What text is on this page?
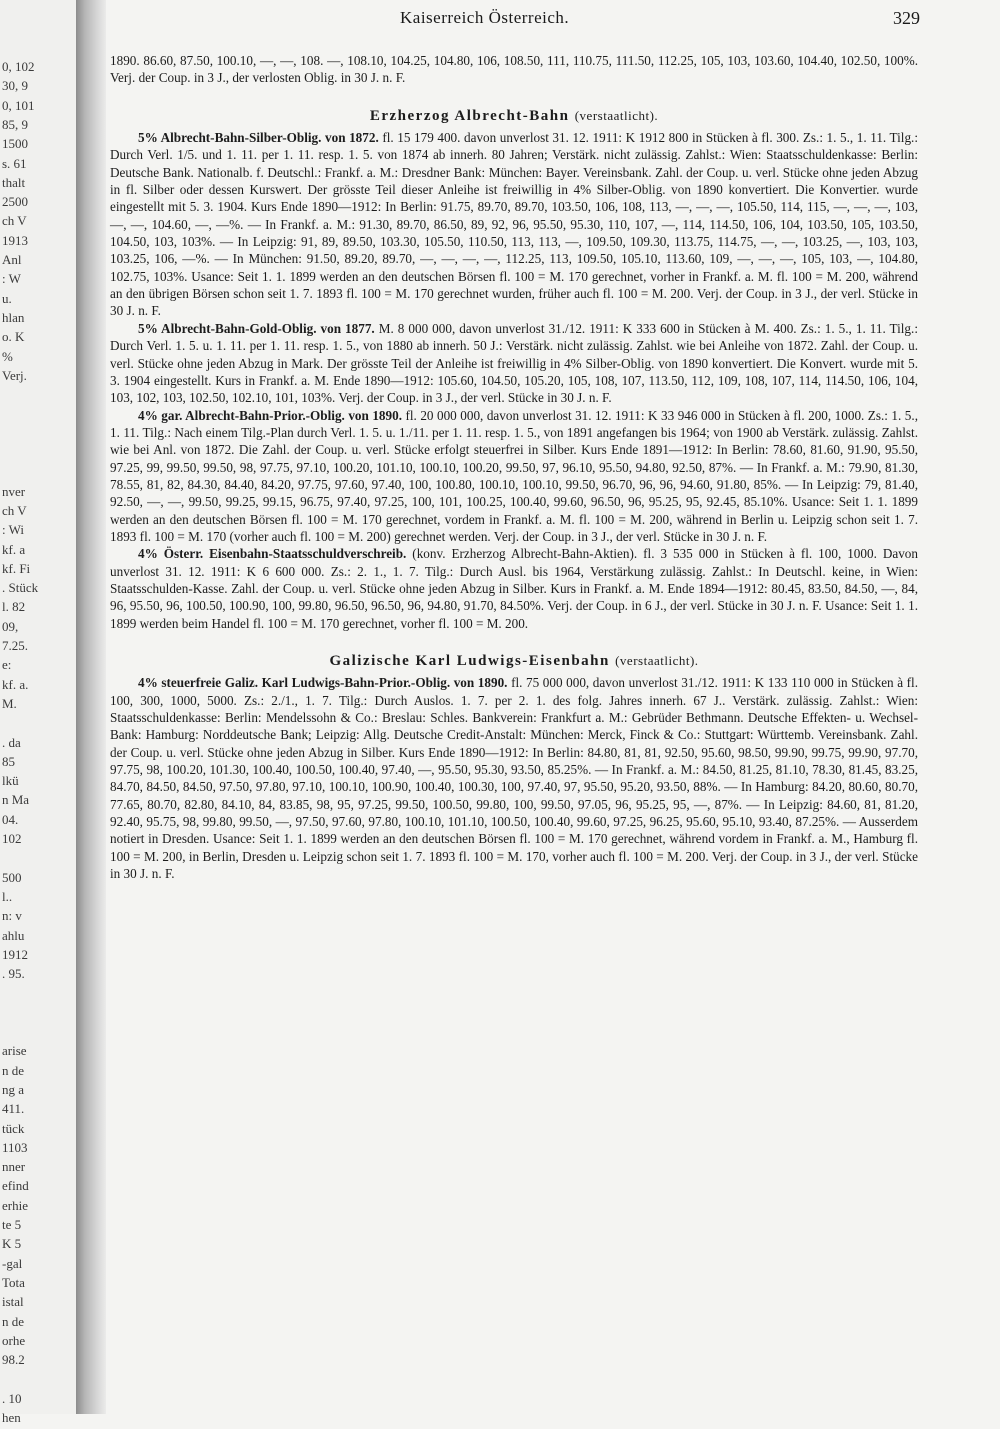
0, 102
30, 9
0, 101
85, 9
1500
s. 61
thalt
2500
ch V
1913
Anl
: W
u.
hlan
o. K
%
Verj.
nver
ch V
: Wi
kf. a
kf. Fi
. Stück
l. 82
09,
7.25.
e:
kf. a.
M.
. da
85
lkü
n Ma
04.
102
500
l..
n: v
ahlu
1912
. 95.
arise
n de
ng a
411.
tück
1103
nner
efind
erhie
te 5
K 5
-gal
Tota
istal
n de
orhe
98.2
. 10
hen
Kaiserreich Österreich.	329

1890. 86.60, 87.50, 100.10, —, —, 108. —, 108.10, 104.25, 104.80, 106, 108.50, 111, 110.75, 111.50, 112.25, 105, 103, 103.60, 104.40, 102.50, 100%. Verj. der Coup. in 3 J., der verlosten Oblig. in 30 J. n. F.

Erzherzog Albrecht-Bahn (verstaatlicht).

5% Albrecht-Bahn-Silber-Oblig. von 1872. fl. 15 179 400. davon unverlost 31. 12. 1911: K 1912 800 in Stücken à fl. 300. Zs.: 1. 5., 1. 11. Tilg.: Durch Verl. 1/5. und 1. 11. per 1. 11. resp. 1. 5. von 1874 ab innerh. 80 Jahren; Verstärk. nicht zulässig. Zahlst.: Wien: Staatsschuldenkasse: Berlin: Deutsche Bank. Nationalb. f. Deutschl.: Frankf. a. M.: Dresdner Bank: München: Bayer. Vereinsbank. Zahl. der Coup. u. verl. Stücke ohne jeden Abzug in fl. Silber oder dessen Kurswert. Der grösste Teil dieser Anleihe ist freiwillig in 4% Silber-Oblig. von 1890 konvertiert. Die Konvertier. wurde eingestellt mit 5. 3. 1904. Kurs Ende 1890—1912: In Berlin: 91.75, 89.70, 89.70, 103.50, 106, 108, 113, —, —, —, 105.50, 114, 115, —, —, —, 103, —, —, 104.60, —, —%. — In Frankf. a. M.: 91.30, 89.70, 86.50, 89, 92, 96, 95.50, 95.30, 110, 107, —, 114, 114.50, 106, 104, 103.50, 105, 103.50, 104.50, 103, 103%. — In Leipzig: 91, 89, 89.50, 103.30, 105.50, 110.50, 113, 113, —, 109.50, 109.30, 113.75, 114.75, —, —, 103.25, —, 103, 103, 103.25, 106, —%. — In München: 91.50, 89.20, 89.70, —, —, —, —, 112.25, 113, 109.50, 105.10, 113.60, 109, —, —, —, 105, 103, —, 104.80, 102.75, 103%. Usance: Seit 1. 1. 1899 werden an den deutschen Börsen fl. 100 = M. 170 gerechnet, vorher in Frankf. a. M. fl. 100 = M. 200, während an den übrigen Börsen schon seit 1. 7. 1893 fl. 100 = M. 170 gerechnet wurden, früher auch fl. 100 = M. 200. Verj. der Coup. in 3 J., der verl. Stücke in 30 J. n. F.

5% Albrecht-Bahn-Gold-Oblig. von 1877. M. 8 000 000, davon unverlost 31./12. 1911: K 333 600 in Stücken à M. 400. Zs.: 1. 5., 1. 11. Tilg.: Durch Verl. 1. 5. u. 1. 11. per 1. 11. resp. 1. 5., von 1880 ab innerh. 50 J.: Verstärk. nicht zulässig. Zahlst. wie bei Anleihe von 1872. Zahl. der Coup. u. verl. Stücke ohne jeden Abzug in Mark. Der grösste Teil der Anleihe ist freiwillig in 4% Silber-Oblig. von 1890 konvertiert. Die Konvert. wurde mit 5. 3. 1904 eingestellt. Kurs in Frankf. a. M. Ende 1890—1912: 105.60, 104.50, 105.20, 105, 108, 107, 113.50, 112, 109, 108, 107, 114, 114.50, 106, 104, 103, 102, 103, 102.50, 102.10, 101, 103%. Verj. der Coup. in 3 J., der verl. Stücke in 30 J. n. F.

4% gar. Albrecht-Bahn-Prior.-Oblig. von 1890. fl. 20 000 000, davon unverlost 31. 12. 1911: K 33 946 000 in Stücken à fl. 200, 1000. Zs.: 1. 5., 1. 11. Tilg.: Nach einem Tilg.-Plan durch Verl. 1. 5. u. 1./11. per 1. 11. resp. 1. 5., von 1891 angefangen bis 1964; von 1900 ab Verstärk. zulässig. Zahlst. wie bei Anl. von 1872. Die Zahl. der Coup. u. verl. Stücke erfolgt steuerfrei in Silber. Kurs Ende 1891—1912: In Berlin: 78.60, 81.60, 91.90, 95.50, 97.25, 99, 99.50, 99.50, 98, 97.75, 97.10, 100.20, 101.10, 100.10, 100.20, 99.50, 97, 96.10, 95.50, 94.80, 92.50, 87%. — In Frankf. a. M.: 79.90, 81.30, 78.55, 81, 82, 84.30, 84.40, 84.20, 97.75, 97.60, 97.40, 100, 100.80, 100.10, 100.10, 99.50, 96.70, 96, 96, 94.60, 91.80, 85%. — In Leipzig: 79, 81.40, 92.50, —, —, 99.50, 99.25, 99.15, 96.75, 97.40, 97.25, 100, 101, 100.25, 100.40, 99.60, 96.50, 96, 95.25, 95, 92.45, 85.10%. Usance: Seit 1. 1. 1899 werden an den deutschen Börsen fl. 100 = M. 170 gerechnet, vordem in Frankf. a. M. fl. 100 = M. 200, während in Berlin u. Leipzig schon seit 1. 7. 1893 fl. 100 = M. 170 (vorher auch fl. 100 = M. 200) gerechnet werden. Verj. der Coup. in 3 J., der verl. Stücke in 30 J. n. F.

4% Österr. Eisenbahn-Staatsschuldverschreib. (konv. Erzherzog Albrecht-Bahn-Aktien). fl. 3 535 000 in Stücken à fl. 100, 1000. Davon unverlost 31. 12. 1911: K 6 600 000. Zs.: 2. 1., 1. 7. Tilg.: Durch Ausl. bis 1964, Verstärkung zulässig. Zahlst.: In Deutschl. keine, in Wien: Staatsschulden-Kasse. Zahl. der Coup. u. verl. Stücke ohne jeden Abzug in Silber. Kurs in Frankf. a. M. Ende 1894—1912: 80.45, 83.50, 84.50, —, 84, 96, 95.50, 96, 100.50, 100.90, 100, 99.80, 96.50, 96.50, 96, 94.80, 91.70, 84.50%. Verj. der Coup. in 6 J., der verl. Stücke in 30 J. n. F. Usance: Seit 1. 1. 1899 werden beim Handel fl. 100 = M. 170 gerechnet, vorher fl. 100 = M. 200.

Galizische Karl Ludwigs-Eisenbahn (verstaatlicht).

4% steuerfreie Galiz. Karl Ludwigs-Bahn-Prior.-Oblig. von 1890. fl. 75 000 000, davon unverlost 31./12. 1911: K 133 110 000 in Stücken à fl. 100, 300, 1000, 5000. Zs.: 2./1., 1. 7. Tilg.: Durch Auslos. 1. 7. per 2. 1. des folg. Jahres innerh. 67 J.. Verstärk. zulässig. Zahlst.: Wien: Staatsschuldenkasse: Berlin: Mendelssohn & Co.: Breslau: Schles. Bankverein: Frankfurt a. M.: Gebrüder Bethmann. Deutsche Effekten- u. Wechsel-Bank: Hamburg: Norddeutsche Bank; Leipzig: Allg. Deutsche Credit-Anstalt: München: Merck, Finck & Co.: Stuttgart: Württemb. Vereinsbank. Zahl. der Coup. u. verl. Stücke ohne jeden Abzug in Silber. Kurs Ende 1890—1912: In Berlin: 84.80, 81, 81, 92.50, 95.60, 98.50, 99.90, 99.75, 99.90, 97.70, 97.75, 98, 100.20, 101.30, 100.40, 100.50, 100.40, 97.40, —, 95.50, 95.30, 93.50, 85.25%. — In Frankf. a. M.: 84.50, 81.25, 81.10, 78.30, 81.45, 83.25, 84.70, 84.50, 84.50, 97.50, 97.80, 97.10, 100.10, 100.90, 100.40, 100.30, 100, 97.40, 97, 95.50, 95.20, 93.50, 88%. — In Hamburg: 84.20, 80.60, 80.70, 77.65, 80.70, 82.80, 84.10, 84, 83.85, 98, 95, 97.25, 99.50, 100.50, 99.80, 100, 99.50, 97.05, 96, 95.25, 95, —, 87%. — In Leipzig: 84.60, 81, 81.20, 92.40, 95.75, 98, 99.80, 99.50, —, 97.50, 97.60, 97.80, 100.10, 101.10, 100.50, 100.40, 99.60, 97.25, 96.25, 95.60, 95.10, 93.40, 87.25%. — Ausserdem notiert in Dresden. Usance: Seit 1. 1. 1899 werden an den deutschen Börsen fl. 100 = M. 170 gerechnet, während vordem in Frankf. a. M., Hamburg fl. 100 = M. 200, in Berlin, Dresden u. Leipzig schon seit 1. 7. 1893 fl. 100 = M. 170, vorher auch fl. 100 = M. 200. Verj. der Coup. in 3 J., der verl. Stücke in 30 J. n. F.
